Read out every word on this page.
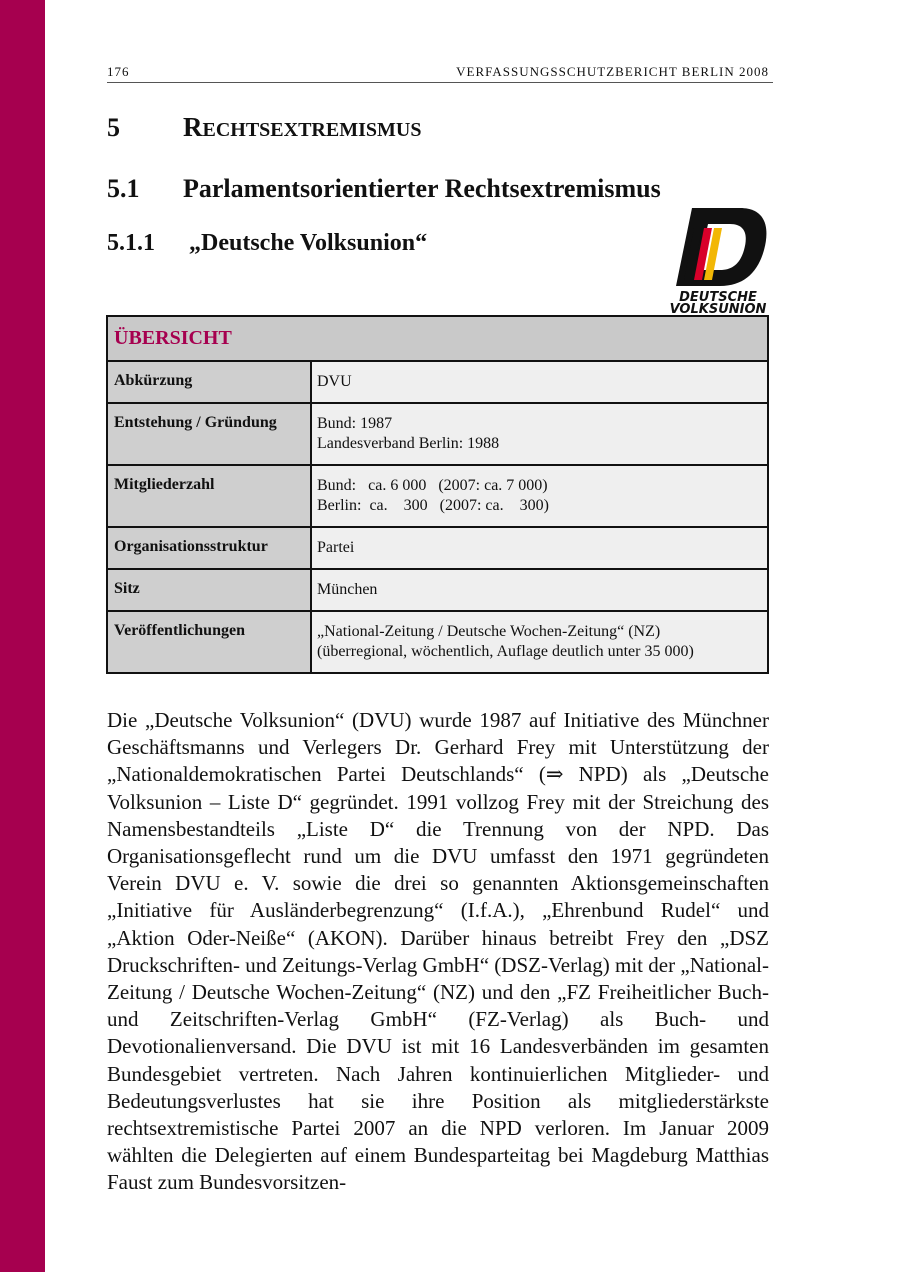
176	VERFASSUNGSSCHUTZBERICHT BERLIN 2008
5 RECHTSEXTREMISMUS
5.1 Parlamentsorientierter Rechtsextremismus
5.1.1 „Deutsche Volksunion“
DEUTSCHE
VOLKSUNION
ÜBERSICHT	
Abkürzung	DVU

Entstehung / Gründung	Bund: 1987
Landesverband Berlin: 1988

Mitgliederzahl	Bund:   ca. 6 000   (2007: ca. 7 000)
Berlin:  ca.    300   (2007: ca.    300)

Organisationsstruktur	Partei

Sitz	München

Veröffentlichungen	„National-Zeitung / Deutsche Wochen-Zeitung“ (NZ)
(überregional, wöchentlich, Auflage deutlich unter 35 000)

Die „Deutsche Volksunion“ (DVU) wurde 1987 auf Initiative des Münchner Geschäftsmanns und Verlegers Dr. Gerhard Frey mit Unterstützung der „Nationaldemokratischen Partei Deutschlands“ (⇒ NPD) als „Deutsche Volksunion – Liste D“ gegründet. 1991 vollzog Frey mit der Streichung des Namensbestandteils „Liste D“ die Trennung von der NPD. Das Organisationsgeflecht rund um die DVU umfasst den 1971 gegründeten Verein DVU e. V. sowie die drei so genannten Aktionsgemeinschaften „Initiative für Ausländerbegrenzung“ (I.f.A.), „Ehrenbund Rudel“ und „Aktion Oder-Neiße“ (AKON). Darüber hinaus betreibt Frey den „DSZ Druckschriften- und Zeitungs-Verlag GmbH“ (DSZ-Verlag) mit der „National-Zeitung / Deutsche Wochen-Zeitung“ (NZ) und den „FZ Freiheitlicher Buch- und Zeitschriften-Verlag GmbH“ (FZ-Verlag) als Buch- und Devotionalienversand. Die DVU ist mit 16 Landesverbänden im gesamten Bundesgebiet vertreten. Nach Jahren kontinuierlichen Mitglieder- und Bedeutungsverlustes hat sie ihre Position als mitgliederstärkste rechtsextremistische Partei 2007 an die NPD verloren. Im Januar 2009 wählten die Delegierten auf einem Bundesparteitag bei Magdeburg Matthias Faust zum Bundesvorsitzen-
